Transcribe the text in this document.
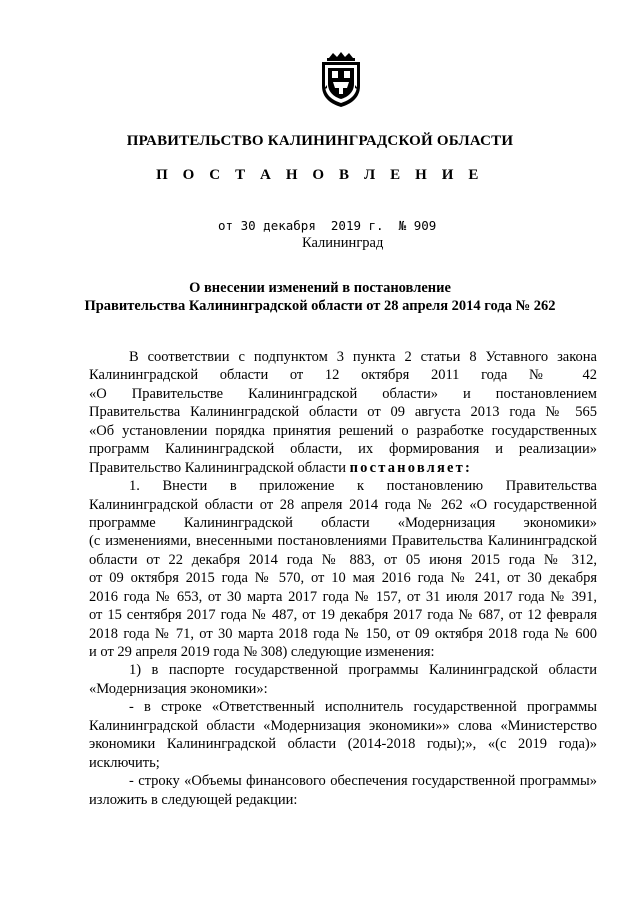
ПРАВИТЕЛЬСТВО КАЛИНИНГРАДСКОЙ ОБЛАСТИ
П О С Т А Н О В Л Е Н И Е
от 30 декабря  2019 г. № 909
Калининград
О внесении изменений в постановление
Правительства Калининградской области от 28 апреля 2014 года № 262
В соответствии с подпунктом 3 пункта 2 статьи 8 Уставного закона
Калининградской области от 12 октября 2011 года № 42
«О Правительстве Калининградской области» и постановлением
Правительства Калининградской области от 09 августа 2013 года № 565
«Об установлении порядка принятия решений о разработке государственных
программ Калининградской области, их формирования и реализации»
Правительство Калининградской области постановляет:
1. Внести в приложение к постановлению Правительства
Калининградской области от 28 апреля 2014 года № 262 «О государственной
программе Калининградской области «Модернизация экономики»
(с изменениями, внесенными постановлениями Правительства Калининградской
области от 22 декабря 2014 года № 883, от 05 июня 2015 года № 312,
от 09 октября 2015 года № 570, от 10 мая 2016 года № 241, от 30 декабря
2016 года № 653, от 30 марта 2017 года № 157, от 31 июля 2017 года № 391,
от 15 сентября 2017 года № 487, от 19 декабря 2017 года № 687, от 12 февраля
2018 года № 71, от 30 марта 2018 года № 150, от 09 октября 2018 года № 600
и от 29 апреля 2019 года № 308) следующие изменения:
1) в паспорте государственной программы Калининградской области
«Модернизация экономики»:
- в строке «Ответственный исполнитель государственной программы
Калининградской области «Модернизация экономики»» слова «Министерство
экономики Калининградской области (2014-2018 годы);», «(с 2019 года)»
исключить;
- строку «Объемы финансового обеспечения государственной программы»
изложить в следующей редакции:
